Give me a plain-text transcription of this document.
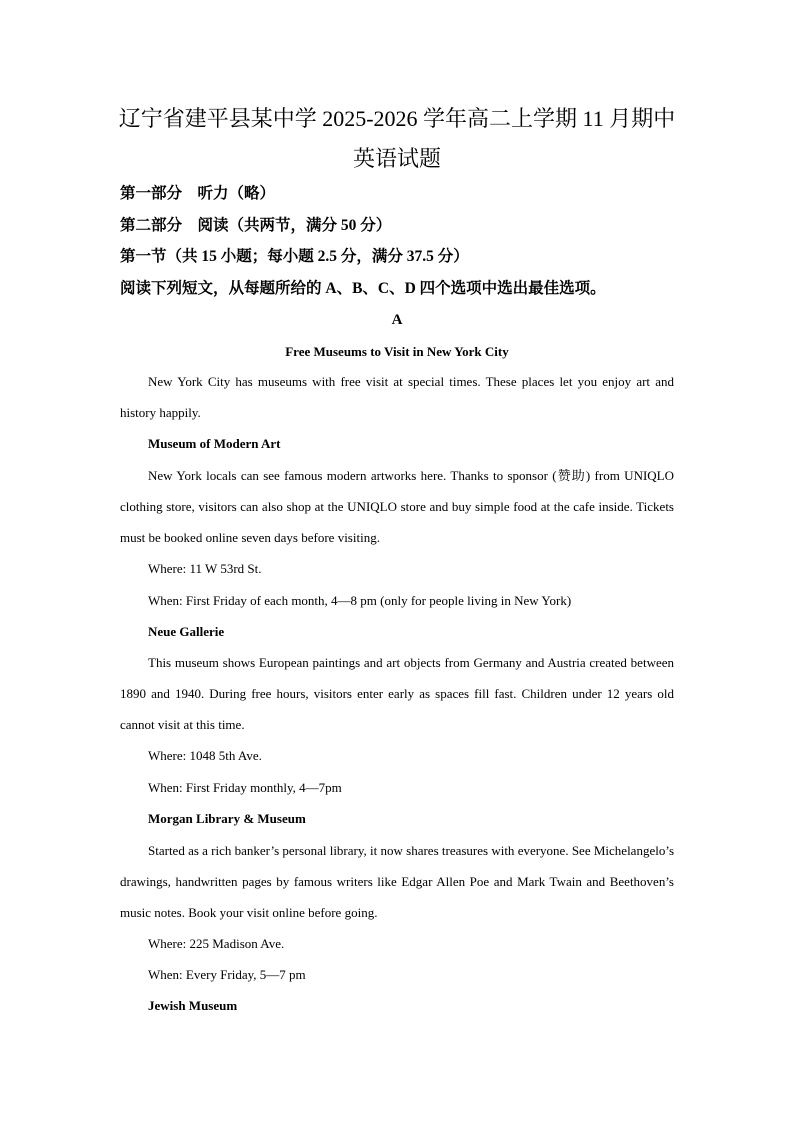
辽宁省建平县某中学 2025-2026 学年高二上学期 11 月期中
英语试题

第一部分　听力（略）

第二部分　阅读（共两节，满分 50 分）

第一节（共 15 小题；每小题 2.5 分，满分 37.5 分）

阅读下列短文，从每题所给的 A、B、C、D 四个选项中选出最佳选项。

A

Free Museums to Visit in New York City

New York City has museums with free visit at special times. These places let you enjoy art and history happily.

Museum of Modern Art

New York locals can see famous modern artworks here. Thanks to sponsor (赞助) from UNIQLO clothing store, visitors can also shop at the UNIQLO store and buy simple food at the cafe inside. Tickets must be booked online seven days before visiting.

Where: 11 W 53rd St.

When: First Friday of each month, 4—8 pm (only for people living in New York)

Neue Gallerie

This museum shows European paintings and art objects from Germany and Austria created between 1890 and 1940. During free hours, visitors enter early as spaces fill fast. Children under 12 years old cannot visit at this time.

Where: 1048 5th Ave.

When: First Friday monthly, 4—7pm

Morgan Library & Museum

Started as a rich banker’s personal library, it now shares treasures with everyone. See Michelangelo’s drawings, handwritten pages by famous writers like Edgar Allen Poe and Mark Twain and Beethoven’s music notes. Book your visit online before going.

Where: 225 Madison Ave.

When: Every Friday, 5—7 pm

Jewish Museum
